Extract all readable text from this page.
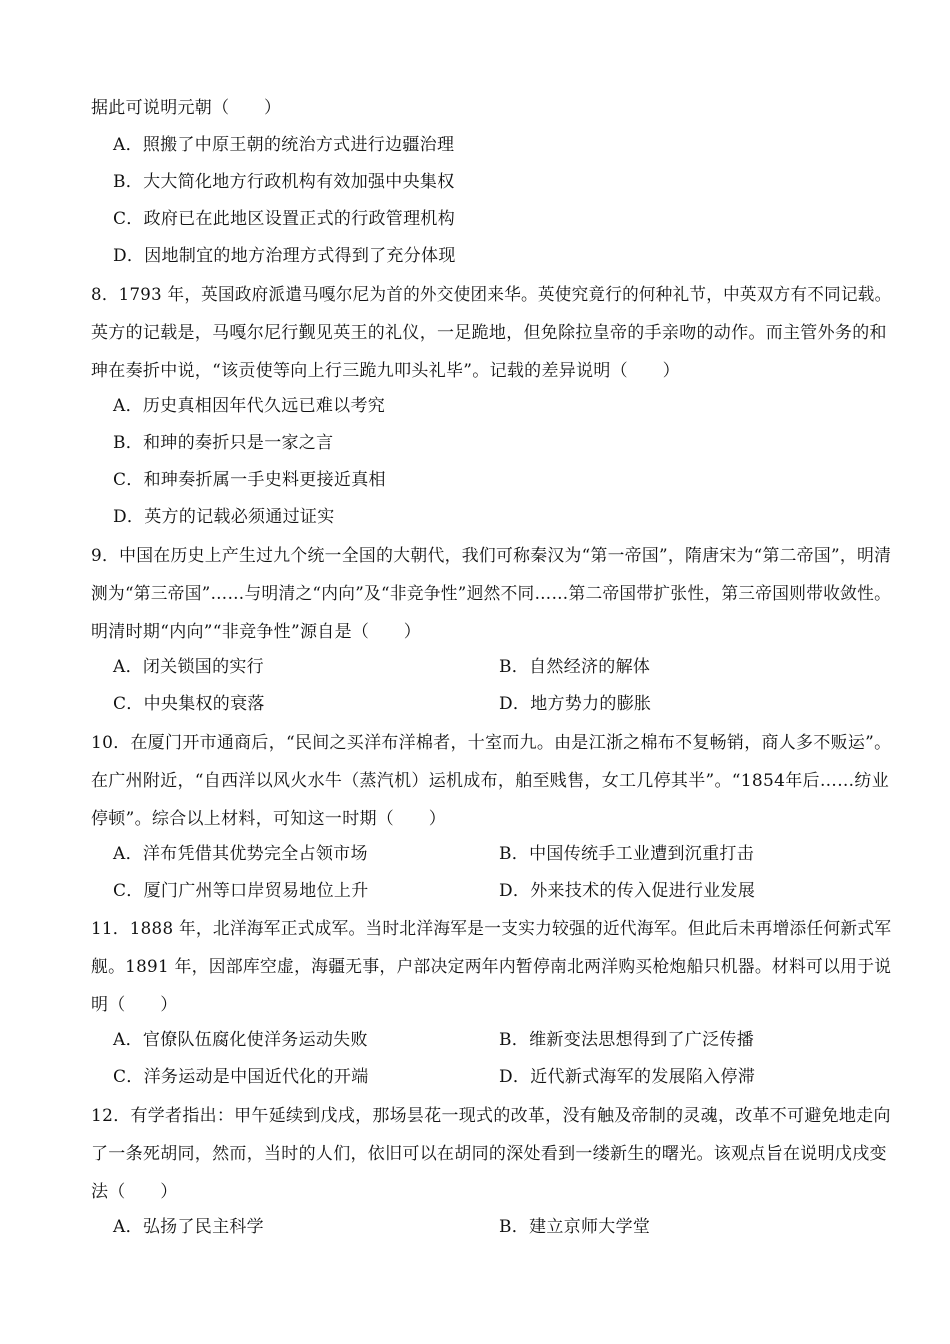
据此可说明元朝（　　）
A．照搬了中原王朝的统治方式进行边疆治理
B．大大简化地方行政机构有效加强中央集权
C．政府已在此地区设置正式的行政管理机构
D．因地制宜的地方治理方式得到了充分体现
8．1793 年，英国政府派遣马嘎尔尼为首的外交使团来华。英使究竟行的何种礼节，中英双方有不同记载。
英方的记载是，马嘎尔尼行觐见英王的礼仪，一足跪地，但免除拉皇帝的手亲吻的动作。而主管外务的和
珅在奏折中说，“该贡使等向上行三跪九叩头礼毕”。记载的差异说明（　　）
A．历史真相因年代久远已难以考究
B．和珅的奏折只是一家之言
C．和珅奏折属一手史料更接近真相
D．英方的记载必须通过证实
9．中国在历史上产生过九个统一全国的大朝代，我们可称秦汉为“第一帝国”，隋唐宋为“第二帝国”，明清
测为“第三帝国”……与明清之“内向”及“非竞争性”迥然不同……第二帝国带扩张性，第三帝国则带收敛性。
明清时期“内向”“非竞争性”源自是（　　）
A．闭关锁国的实行	B．自然经济的解体
C．中央集权的衰落	D．地方势力的膨胀
10．在厦门开市通商后，“民间之买洋布洋棉者，十室而九。由是江浙之棉布不复畅销，商人多不贩运”。
在广州附近，“自西洋以风火水牛（蒸汽机）运机成布，舶至贱售，女工几停其半”。“1854年后……纺业
停顿”。综合以上材料，可知这一时期（　　）
A．洋布凭借其优势完全占领市场	B．中国传统手工业遭到沉重打击
C．厦门广州等口岸贸易地位上升	D．外来技术的传入促进行业发展
11．1888 年，北洋海军正式成军。当时北洋海军是一支实力较强的近代海军。但此后未再增添任何新式军
舰。1891 年，因部库空虚，海疆无事，户部决定两年内暂停南北两洋购买枪炮船只机器。材料可以用于说
明（　　）
A．官僚队伍腐化使洋务运动失败	B．维新变法思想得到了广泛传播
C．洋务运动是中国近代化的开端	D．近代新式海军的发展陷入停滞
12．有学者指出：甲午延续到戊戌，那场昙花一现式的改革，没有触及帝制的灵魂，改革不可避免地走向
了一条死胡同，然而，当时的人们，依旧可以在胡同的深处看到一缕新生的曙光。该观点旨在说明戊戌变
法（　　）
A．弘扬了民主科学	B．建立京师大学堂
